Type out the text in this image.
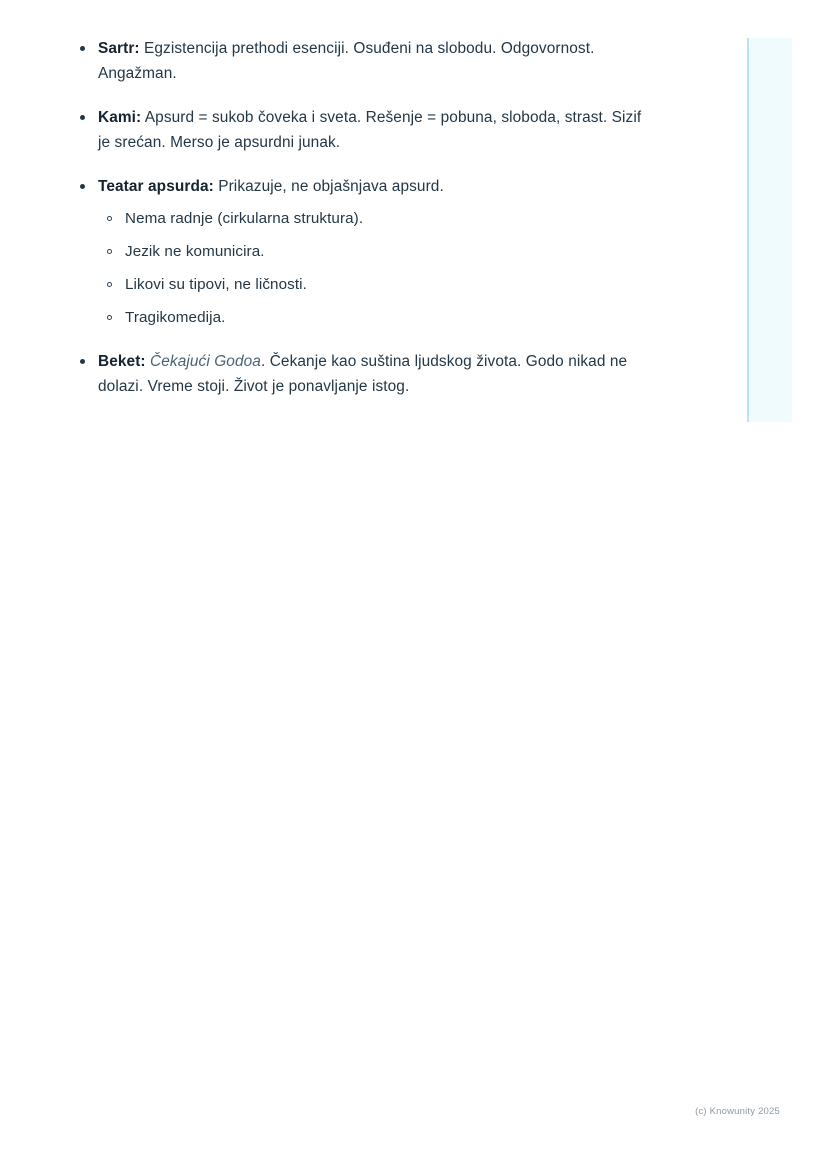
Sartr: Egzistencija prethodi esenciji. Osuđeni na slobodu. Odgovornost. Angažman.
Kami: Apsurd = sukob čoveka i sveta. Rešenje = pobuna, sloboda, strast. Sizif je srećan. Merso je apsurdni junak.
Teatar apsurda: Prikazuje, ne objašnjava apsurd.
Nema radnje (cirkularna struktura).
Jezik ne komunicira.
Likovi su tipovi, ne ličnosti.
Tragikomedija.
Beket: Čekajući Godoa. Čekanje kao suština ljudskog života. Godo nikad ne dolazi. Vreme stoji. Život je ponavljanje istog.
(c) Knowunity 2025
